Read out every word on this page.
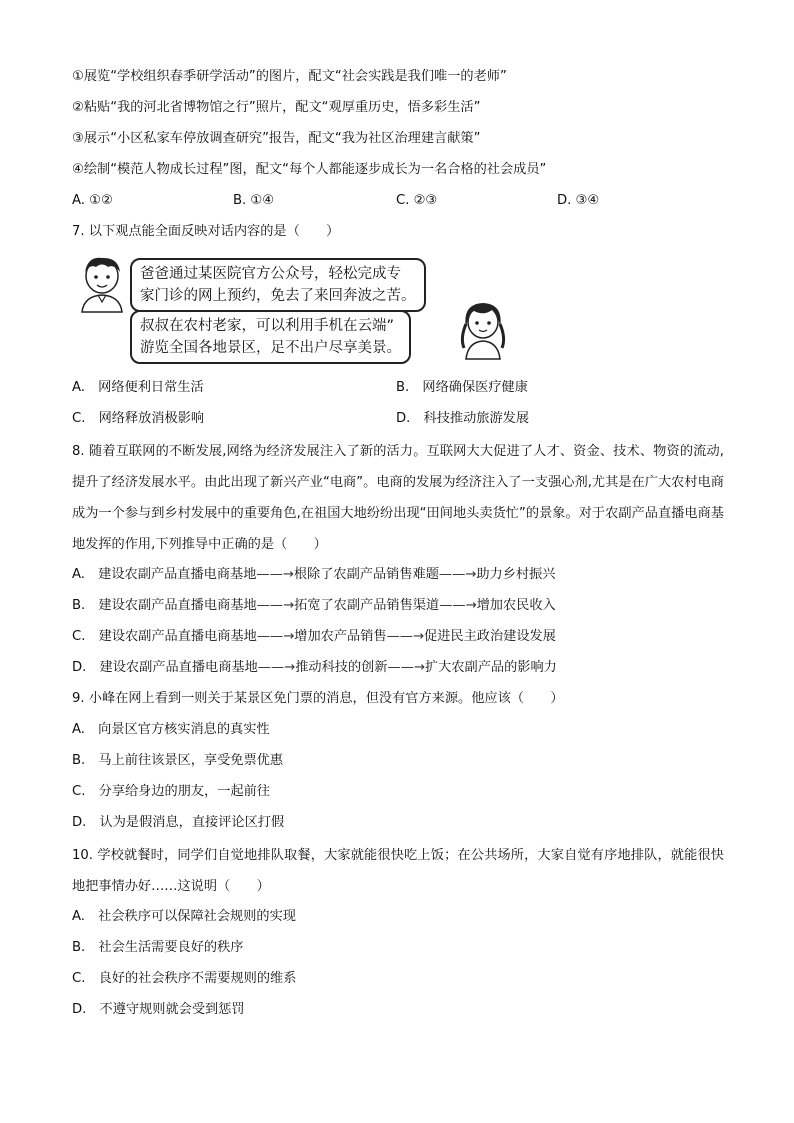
①展览“学校组织春季研学活动”的图片，配文“社会实践是我们唯一的老师”
②粘贴“我的河北省博物馆之行”照片，配文“观厚重历史，悟多彩生活”
③展示“小区私家车停放调查研究”报告，配文“我为社区治理建言献策”
④绘制“模范人物成长过程”图，配文“每个人都能逐步成长为一名合格的社会成员”
A. ①②	B. ①④	C. ②③	D. ③④
7. 以下观点能全面反映对话内容的是（　　）
爸爸通过某医院官方公众号，轻松完成专
家门诊的网上预约，免去了来回奔波之苦。
叔叔在农村老家，可以利用手机在云端”
游览全国各地景区，足不出户尽享美景。
A.　网络便利日常生活	B.　网络确保医疗健康
C.　网络释放消极影响	D.　科技推动旅游发展
8. 随着互联网的不断发展,网络为经济发展注入了新的活力。互联网大大促进了人才、资金、技术、物资的流动,提升了经济发展水平。由此出现了新兴产业“电商”。电商的发展为经济注入了一支强心剂,尤其是在广大农村电商成为一个参与到乡村发展中的重要角色,在祖国大地纷纷出现“田间地头卖货忙”的景象。对于农副产品直播电商基地发挥的作用,下列推导中正确的是（　　）
A.　建设农副产品直播电商基地——→根除了农副产品销售难题——→助力乡村振兴
B.　建设农副产品直播电商基地——→拓宽了农副产品销售渠道——→增加农民收入
C.　建设农副产品直播电商基地——→增加农产品销售——→促进民主政治建设发展
D.　建设农副产品直播电商基地——→推动科技的创新——→扩大农副产品的影响力
9. 小峰在网上看到一则关于某景区免门票的消息，但没有官方来源。他应该（　　）
A.　向景区官方核实消息的真实性
B.　马上前往该景区，享受免票优惠
C.　分享给身边的朋友，一起前往
D.　认为是假消息，直接评论区打假
10. 学校就餐时，同学们自觉地排队取餐，大家就能很快吃上饭；在公共场所，大家自觉有序地排队，就能很快地把事情办好……这说明（　　）
A.　社会秩序可以保障社会规则的实现
B.　社会生活需要良好的秩序
C.　良好的社会秩序不需要规则的维系
D.　不遵守规则就会受到惩罚
